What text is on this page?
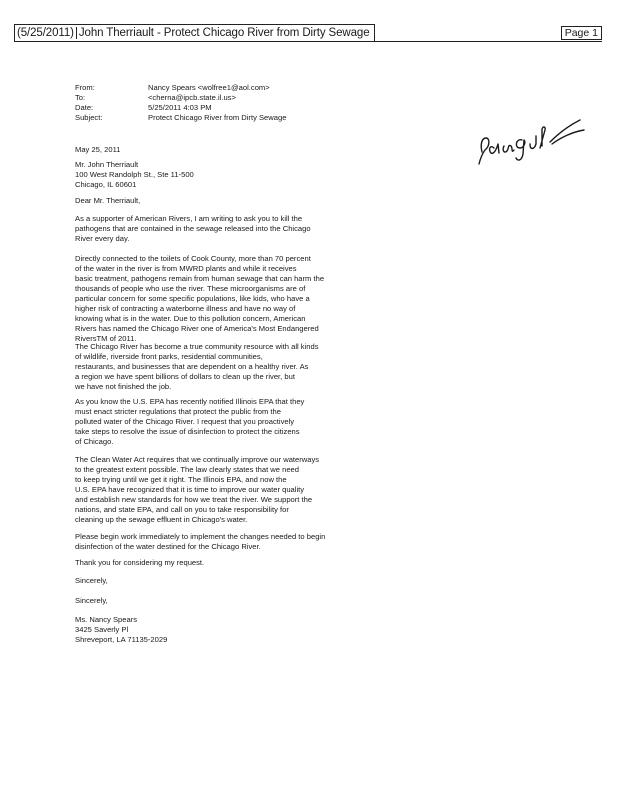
(5/25/2011) John Therriault - Protect Chicago River from Dirty Sewage	Page 1
From:	Nancy Spears <wolfree1@aol.com>
To:	<cherna@ipcb.state.il.us>
Date:	5/25/2011 4:03 PM
Subject:	Protect Chicago River from Dirty Sewage
May 25, 2011
Mr. John Therriault
100 West Randolph St., Ste 11-500
Chicago, IL 60601
Dear Mr. Therriault,
As a supporter of American Rivers, I am writing to ask you to kill the
pathogens that are contained in the sewage released into the Chicago
River every day.
Directly connected to the toilets of Cook County, more than 70 percent
of the water in the river is from MWRD plants and while it receives
basic treatment, pathogens remain from human sewage that can harm the
thousands of people who use the river. These microorganisms are of
particular concern for some specific populations, like kids, who have a
higher risk of contracting a waterborne illness and have no way of
knowing what is in the water. Due to this pollution concern, American
Rivers has named the Chicago River one of America's Most Endangered
RiversTM of 2011.
The Chicago River has become a true community resource with all kinds
of wildlife, riverside front parks, residential communities,
restaurants, and businesses that are dependent on a healthy river. As
a region we have spent billions of dollars to clean up the river, but
we have not finished the job.
As you know the U.S. EPA has recently notified Illinois EPA that they
must enact stricter regulations that protect the public from the
polluted water of the Chicago River. I request that you proactively
take steps to resolve the issue of disinfection to protect the citizens
of Chicago.
The Clean Water Act requires that we continually improve our waterways
to the greatest extent possible. The law clearly states that we need
to keep trying until we get it right. The Illinois EPA, and now the
U.S. EPA have recognized that it is time to improve our water quality
and establish new standards for how we treat the river. We support the
nations, and state EPA, and call on you to take responsibility for
cleaning up the sewage effluent in Chicago's water.
Please begin work immediately to implement the changes needed to begin
disinfection of the water destined for the Chicago River.
Thank you for considering my request.
Sincerely,
Sincerely,
Ms. Nancy Spears
3425 Saverly Pl
Shreveport, LA 71135-2029
